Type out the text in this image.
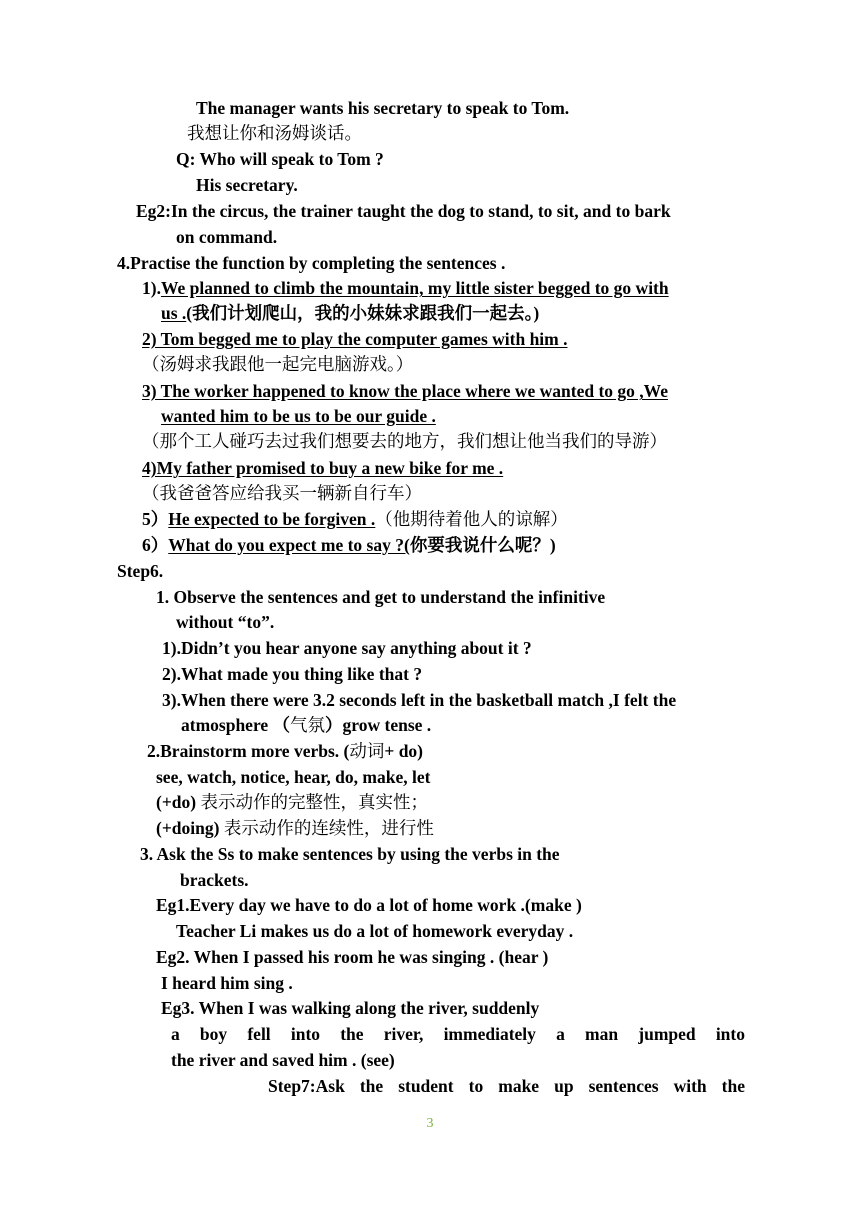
The manager wants his secretary to speak to Tom.
我想让你和汤姆谈话。
Q: Who will speak to Tom ?
His secretary.
Eg2:In the circus, the trainer taught the dog to stand, to sit, and to bark
on command.
4.Practise the function by completing the sentences .
1).We planned to climb the mountain, my little sister begged to go with
us .(我们计划爬山，我的小妹妹求跟我们一起去。)
2) Tom begged me to play the computer games with him .
（汤姆求我跟他一起完电脑游戏。）
3) The worker happened to know the place where we wanted to go ,We
wanted him to be us to be our guide .
（那个工人碰巧去过我们想要去的地方，我们想让他当我们的导游）
4)My father promised to buy a new bike for me .
（我爸爸答应给我买一辆新自行车）
5）He expected to be forgiven .（他期待着他人的谅解）
6）What do you expect me to say ?(你要我说什么呢？)
Step6.
1. Observe the sentences and get to understand the infinitive
without “to”.
1).Didn’t you hear anyone say anything about it ?
2).What made you thing like that ?
3).When there were 3.2 seconds left in the basketball match ,I felt the
atmosphere （气氛）grow tense .
2.Brainstorm more verbs. (动词+ do)
see, watch, notice, hear, do, make, let
(+do) 表示动作的完整性，真实性；
(+doing) 表示动作的连续性，进行性
3. Ask the Ss to make sentences by using the verbs in the
brackets.
Eg1.Every day we have to do a lot of home work .(make )
Teacher Li makes us do a lot of homework everyday .
Eg2. When I passed his room he was singing . (hear )
I heard him sing .
Eg3. When I was walking along the river, suddenly
a boy fell into the river, immediately a man jumped into
the river and saved him . (see)
Step7:Ask the student to make up sentences with the
3
